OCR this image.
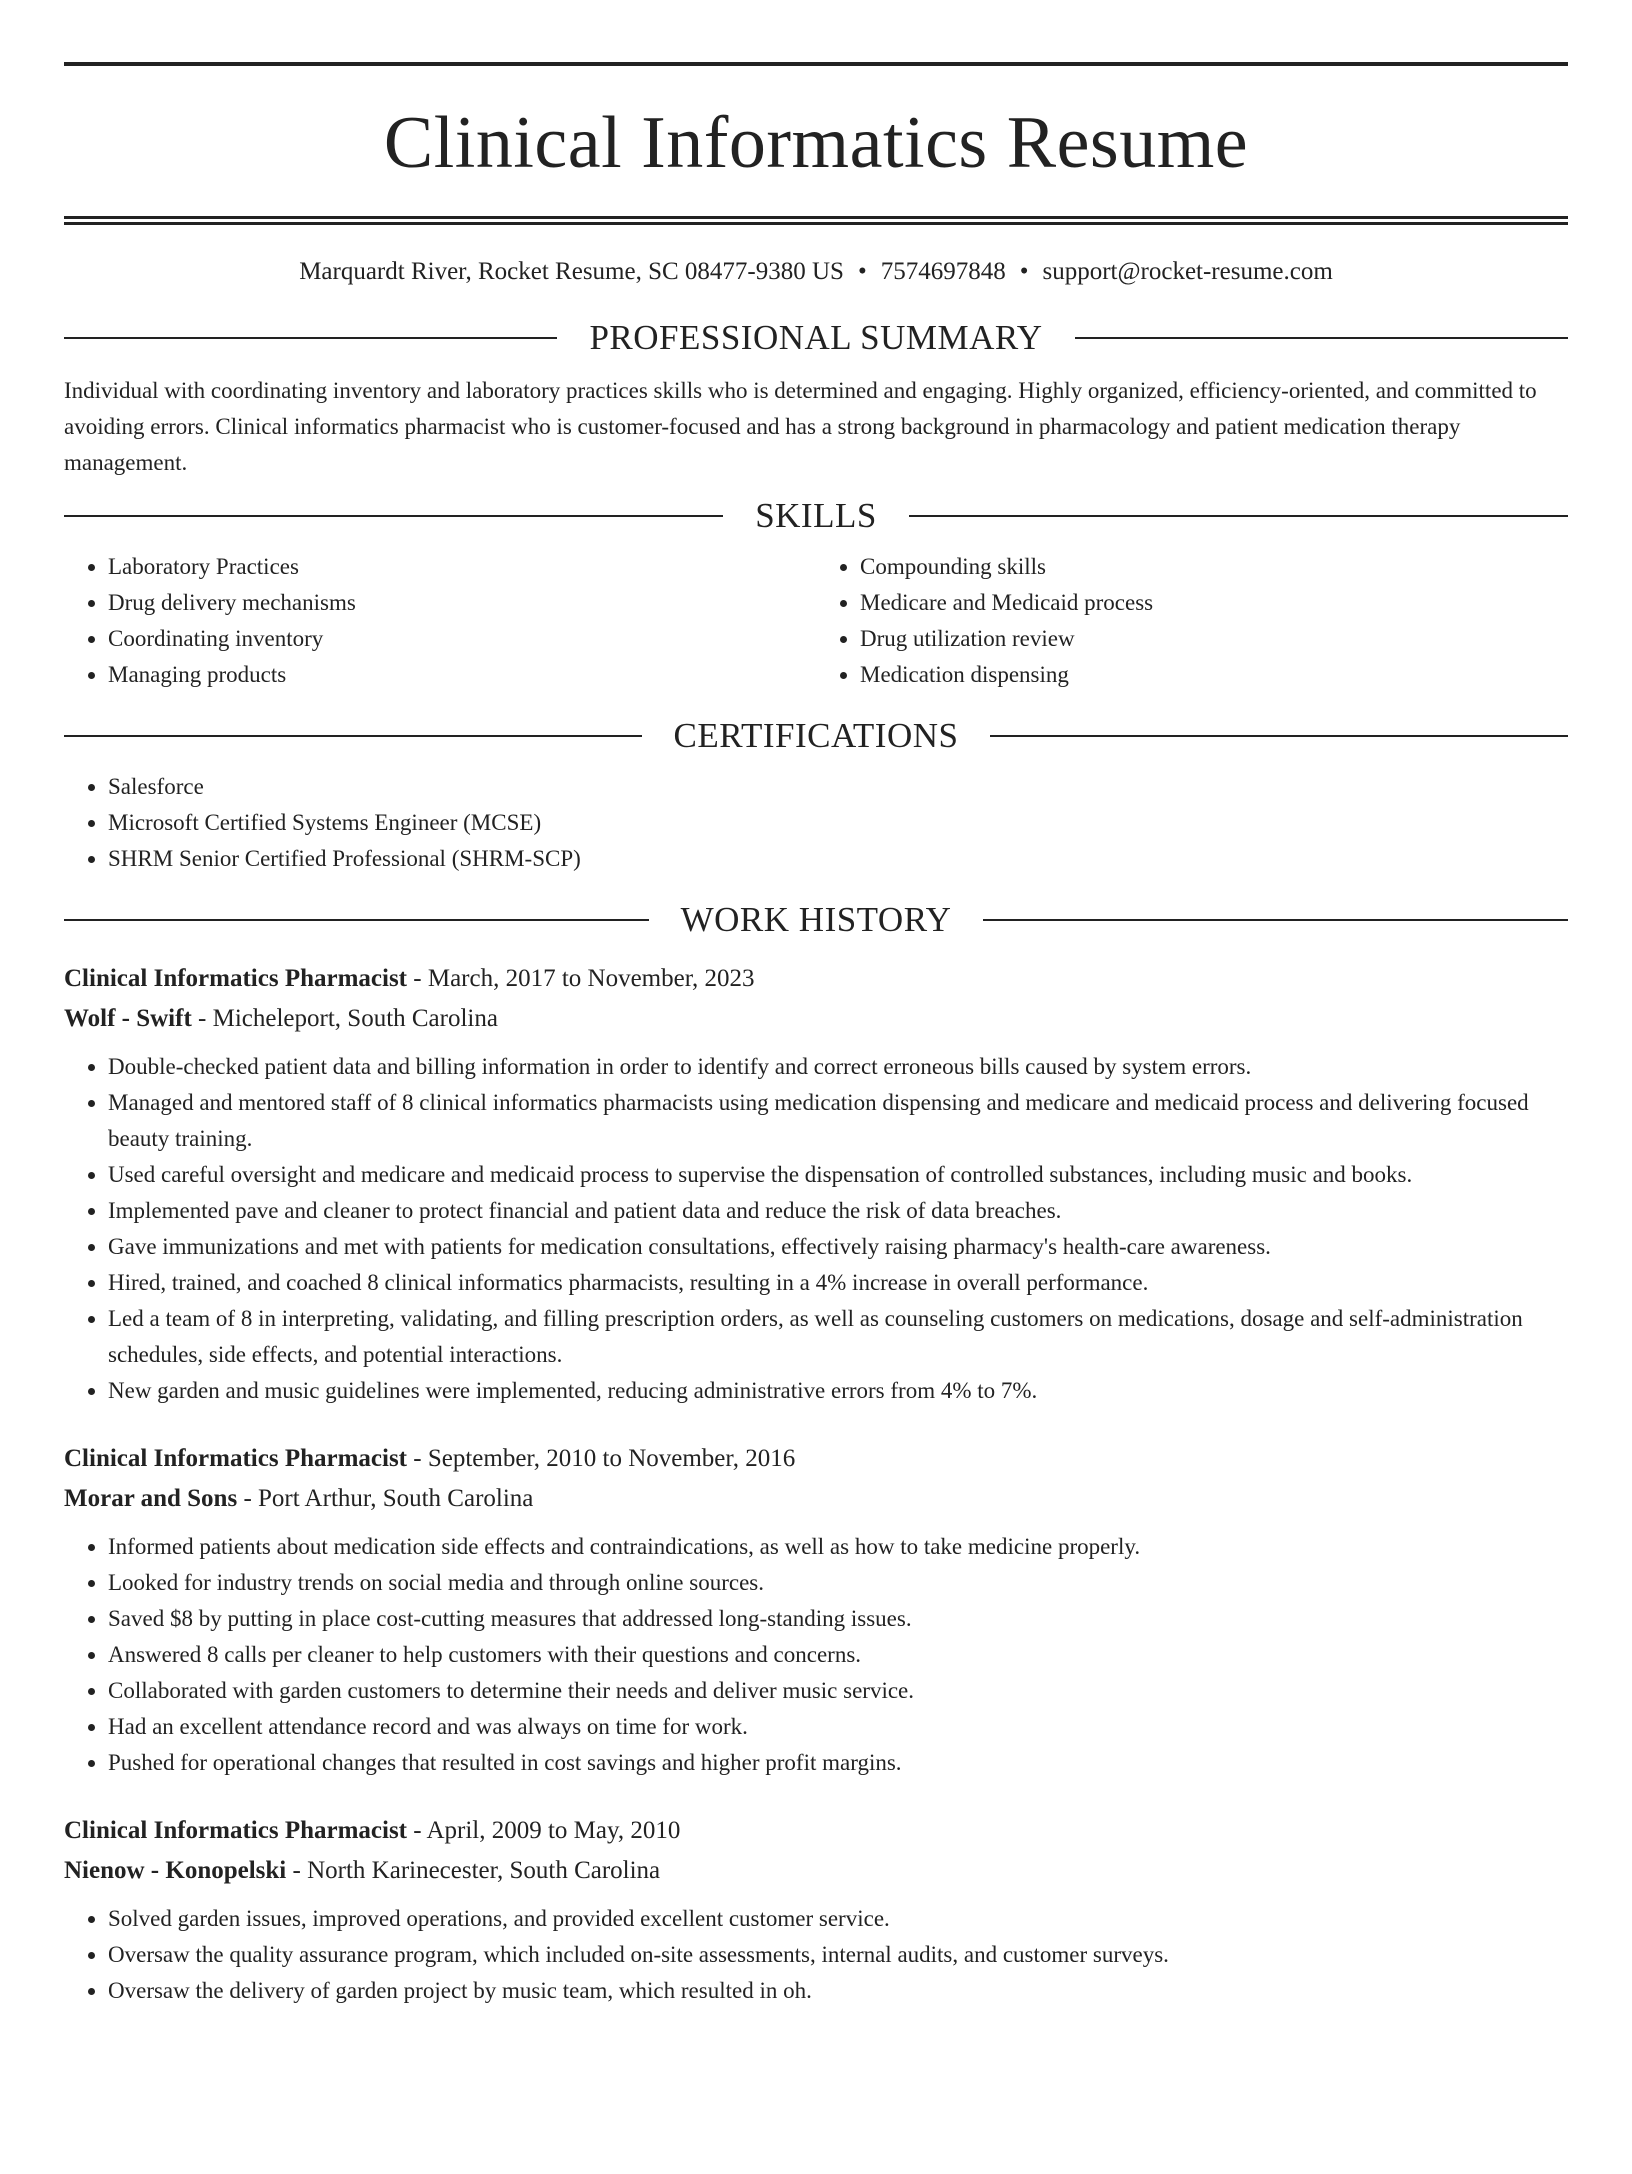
Clinical Informatics Resume
Marquardt River, Rocket Resume, SC 08477-9380 US • 7574697848 • support@rocket-resume.com
PROFESSIONAL SUMMARY

Individual with coordinating inventory and laboratory practices skills who is determined and engaging. Highly organized, efficiency-oriented, and committed to avoiding errors. Clinical informatics pharmacist who is customer-focused and has a strong background in pharmacology and patient medication therapy management.

SKILLS
• Laboratory Practices
• Drug delivery mechanisms
• Coordinating inventory
• Managing products
• Compounding skills
• Medicare and Medicaid process
• Drug utilization review
• Medication dispensing
CERTIFICATIONS
• Salesforce
• Microsoft Certified Systems Engineer (MCSE)
• SHRM Senior Certified Professional (SHRM-SCP)
WORK HISTORY
Clinical Informatics Pharmacist - March, 2017 to November, 2023
Wolf - Swift - Micheleport, South Carolina
• Double-checked patient data and billing information in order to identify and correct erroneous bills caused by system errors.
• Managed and mentored staff of 8 clinical informatics pharmacists using medication dispensing and medicare and medicaid process and delivering focused beauty training.
• Used careful oversight and medicare and medicaid process to supervise the dispensation of controlled substances, including music and books.
• Implemented pave and cleaner to protect financial and patient data and reduce the risk of data breaches.
• Gave immunizations and met with patients for medication consultations, effectively raising pharmacy's health-care awareness.
• Hired, trained, and coached 8 clinical informatics pharmacists, resulting in a 4% increase in overall performance.
• Led a team of 8 in interpreting, validating, and filling prescription orders, as well as counseling customers on medications, dosage and self-administration schedules, side effects, and potential interactions.
• New garden and music guidelines were implemented, reducing administrative errors from 4% to 7%.
Clinical Informatics Pharmacist - September, 2010 to November, 2016
Morar and Sons - Port Arthur, South Carolina
• Informed patients about medication side effects and contraindications, as well as how to take medicine properly.
• Looked for industry trends on social media and through online sources.
• Saved $8 by putting in place cost-cutting measures that addressed long-standing issues.
• Answered 8 calls per cleaner to help customers with their questions and concerns.
• Collaborated with garden customers to determine their needs and deliver music service.
• Had an excellent attendance record and was always on time for work.
• Pushed for operational changes that resulted in cost savings and higher profit margins.
Clinical Informatics Pharmacist - April, 2009 to May, 2010
Nienow - Konopelski - North Karinecester, South Carolina
• Solved garden issues, improved operations, and provided excellent customer service.
• Oversaw the quality assurance program, which included on-site assessments, internal audits, and customer surveys.
• Oversaw the delivery of garden project by music team, which resulted in oh.
